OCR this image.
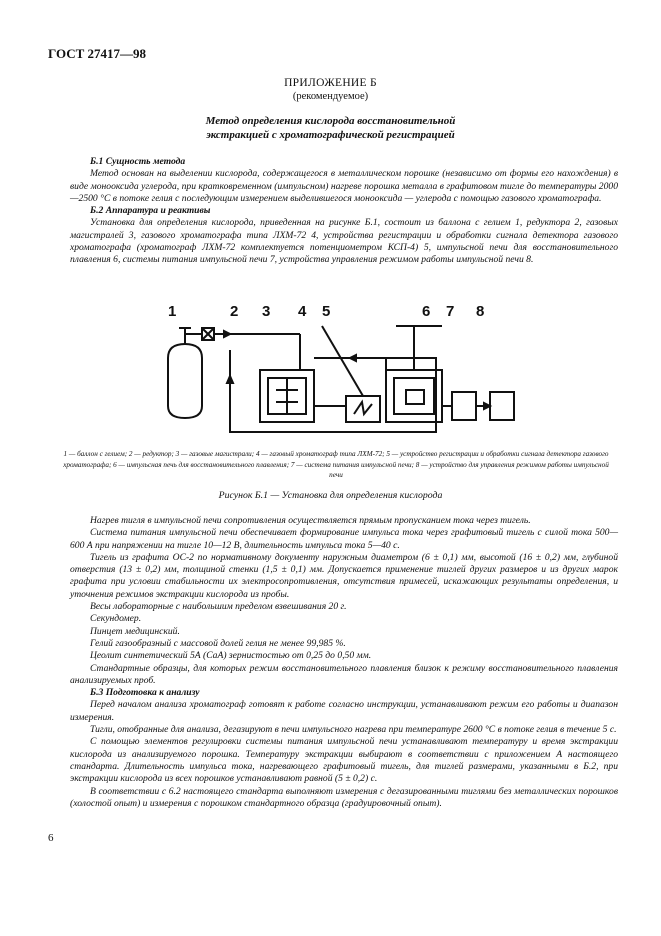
ГОСТ 27417—98
ПРИЛОЖЕНИЕ Б
(рекомендуемое)
Метод определения кислорода восстановительной
экстракцией с хроматографической регистрацией

Б.1 Сущность метода

Метод основан на выделении кислорода, содержащегося в металлическом порошке (независимо от формы его нахождения) в виде монооксида углерода, при кратковременном (импульсном) нагреве порошка металла в графитовом тигле до температуры 2000—2500 °С в потоке гелия с последующим измерением выделившегося монооксида — углерода с помощью газового хроматографа.

Б.2 Аппаратура и реактивы

Установка для определения кислорода, приведенная на рисунке Б.1, состоит из баллона с гелием 1, редуктора 2, газовых магистралей 3, газового хроматографа типа ЛХМ-72 4, устройства регистрации и обработки сигнала детектора газового хроматографа (хроматограф ЛХМ-72 комплектуется потенциометром КСП-4) 5, импульсной печи для восстановительного плавления 6, системы питания импульсной печи 7, устройства управления режимом работы импульсной печи 8.

1	2 3 4 5	6 7 8
1 — баллон с гелием; 2 — редуктор; 3 — газовые магистрали; 4 — газовый хроматограф типа ЛХМ-72; 5 — устройство регистрации и обработки сигнала детектора газового хроматографа; 6 — импульсная печь для восстановительного плавления; 7 — система питания импульсной печи; 8 — устройство для управления режимом работы импульсной печи
Рисунок Б.1 — Установка для определения кислорода

Нагрев тигля в импульсной печи сопротивления осуществляется прямым пропусканием тока через тигель.

Система питания импульсной печи обеспечивает формирование импульса тока через графитовый тигель с силой тока 500—600 А при напряжении на тигле 10—12 В, длительность импульса тока 5—40 с.

Тигель из графита ОС-2 по нормативному документу наружным диаметром (6 ± 0,1) мм, высотой (16 ± 0,2) мм, глубиной отверстия (13 ± 0,2) мм, толщиной стенки (1,5 ± 0,1) мм. Допускается применение тиглей других размеров и из других марок графита при условии стабильности их электросопротивления, отсутствия примесей, искажающих результаты определения, и уточнения режимов экстракции кислорода из пробы.

Весы лабораторные с наибольшим пределом взвешивания 20 г.

Секундомер.

Пинцет медицинский.

Гелий газообразный с массовой долей гелия не менее 99,985 %.

Цеолит синтетический 5А (СаА) зернистостью от 0,25 до 0,50 мм.

Стандартные образцы, для которых режим восстановительного плавления близок к режиму восстановительного плавления анализируемых проб.

Б.3 Подготовка к анализу

Перед началом анализа хроматограф готовят к работе согласно инструкции, устанавливают режим его работы и диапазон измерения.

Тигли, отобранные для анализа, дегазируют в печи импульсного нагрева при температуре 2600 °С в потоке гелия в течение 5 с.

С помощью элементов регулировки системы питания импульсной печи устанавливают температуру и время экстракции кислорода из анализируемого порошка. Температуру экстракции выбирают в соответствии с приложением А настоящего стандарта. Длительность импульса тока, нагревающего графитовый тигель, для тиглей размерами, указанными в Б.2, при экстракции кислорода из всех порошков устанавливают равной (5 ± 0,2) с.

В соответствии с 6.2 настоящего стандарта выполняют измерения с дегазированными тиглями без металлических порошков (холостой опыт) и измерения с порошком стандартного образца (градуировочный опыт).

6
